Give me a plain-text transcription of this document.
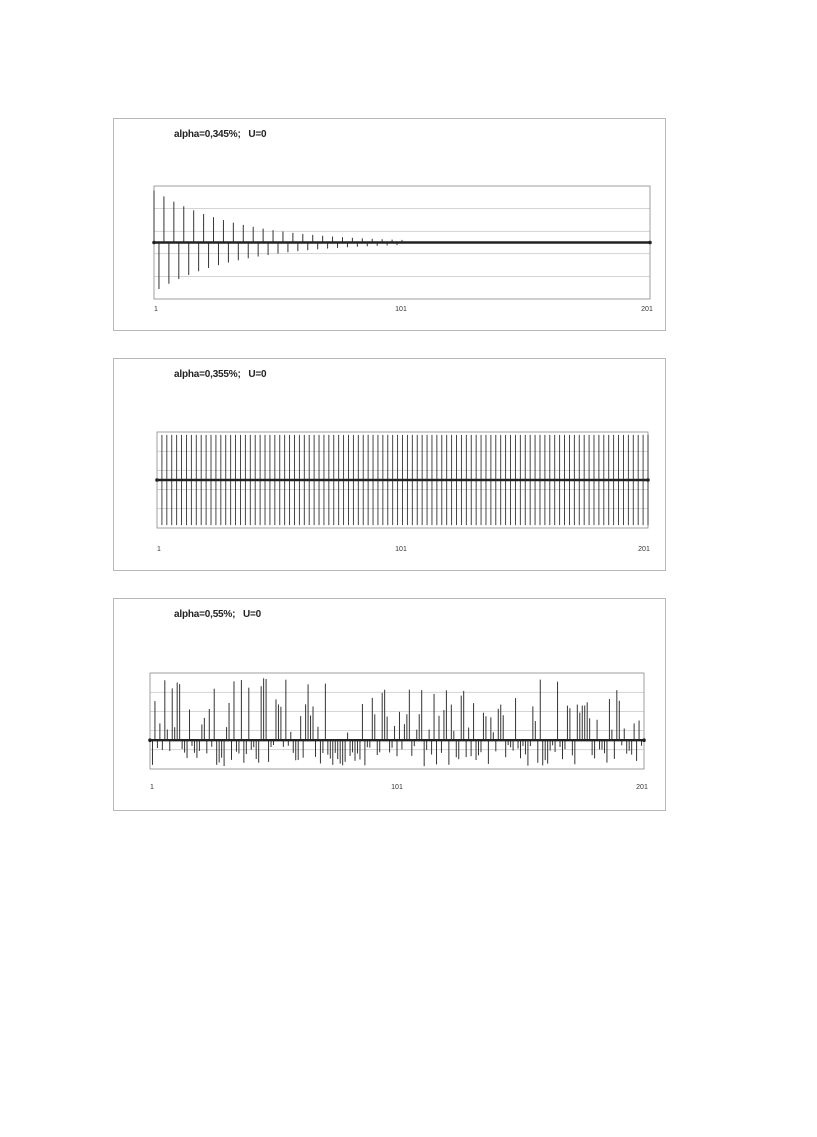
alpha=0,345%;   U=0
1	101	201
alpha=0,355%;   U=0
1	101	201
alpha=0,55%;   U=0
1	101	201
